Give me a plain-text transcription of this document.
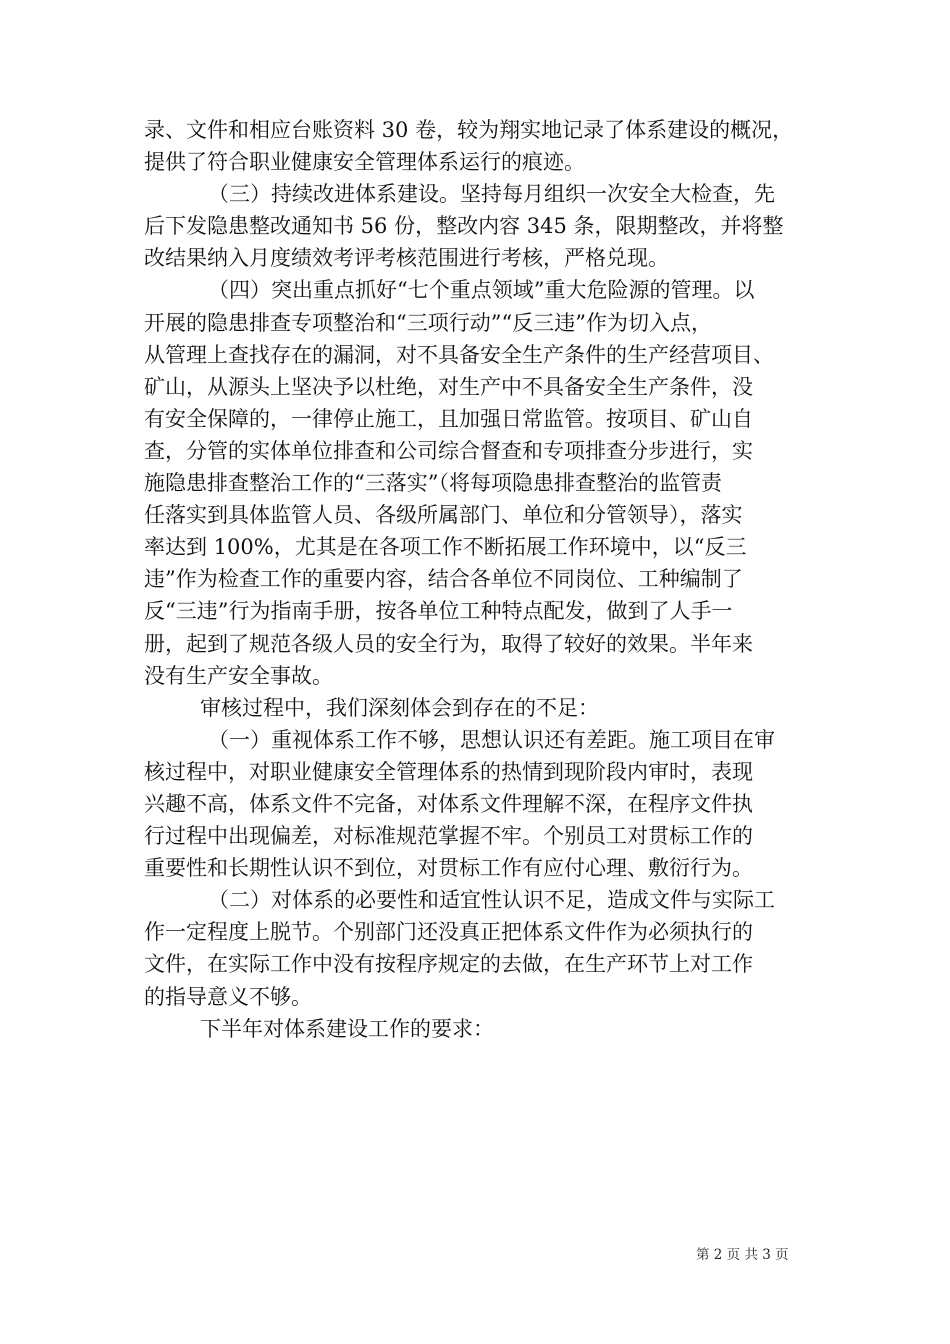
录、文件和相应台账资料 30 卷，较为翔实地记录了体系建设的概况，
提供了符合职业健康安全管理体系运行的痕迹。
（三）持续改进体系建设。坚持每月组织一次安全大检查，先
后下发隐患整改通知书 56 份，整改内容 345 条，限期整改，并将整
改结果纳入月度绩效考评考核范围进行考核，严格兑现。
（四）突出重点抓好“七个重点领域”重大危险源的管理。以
开展的隐患排查专项整治和“三项行动”“反三违”作为切入点，
从管理上查找存在的漏洞，对不具备安全生产条件的生产经营项目、
矿山，从源头上坚决予以杜绝，对生产中不具备安全生产条件，没
有安全保障的，一律停止施工，且加强日常监管。按项目、矿山自
查，分管的实体单位排查和公司综合督查和专项排查分步进行，实
施隐患排查整治工作的“三落实”（将每项隐患排查整治的监管责
任落实到具体监管人员、各级所属部门、单位和分管领导），落实
率达到 100%，尤其是在各项工作不断拓展工作环境中，以“反三
违”作为检查工作的重要内容，结合各单位不同岗位、工种编制了
反“三违”行为指南手册，按各单位工种特点配发，做到了人手一
册，起到了规范各级人员的安全行为，取得了较好的效果。半年来
没有生产安全事故。
审核过程中，我们深刻体会到存在的不足：
（一）重视体系工作不够，思想认识还有差距。施工项目在审
核过程中，对职业健康安全管理体系的热情到现阶段内审时，表现
兴趣不高，体系文件不完备，对体系文件理解不深，在程序文件执
行过程中出现偏差，对标准规范掌握不牢。个别员工对贯标工作的
重要性和长期性认识不到位，对贯标工作有应付心理、敷衍行为。
（二）对体系的必要性和适宜性认识不足，造成文件与实际工
作一定程度上脱节。个别部门还没真正把体系文件作为必须执行的
文件，在实际工作中没有按程序规定的去做，在生产环节上对工作
的指导意义不够。
下半年对体系建设工作的要求：
第 2 页 共 3 页
